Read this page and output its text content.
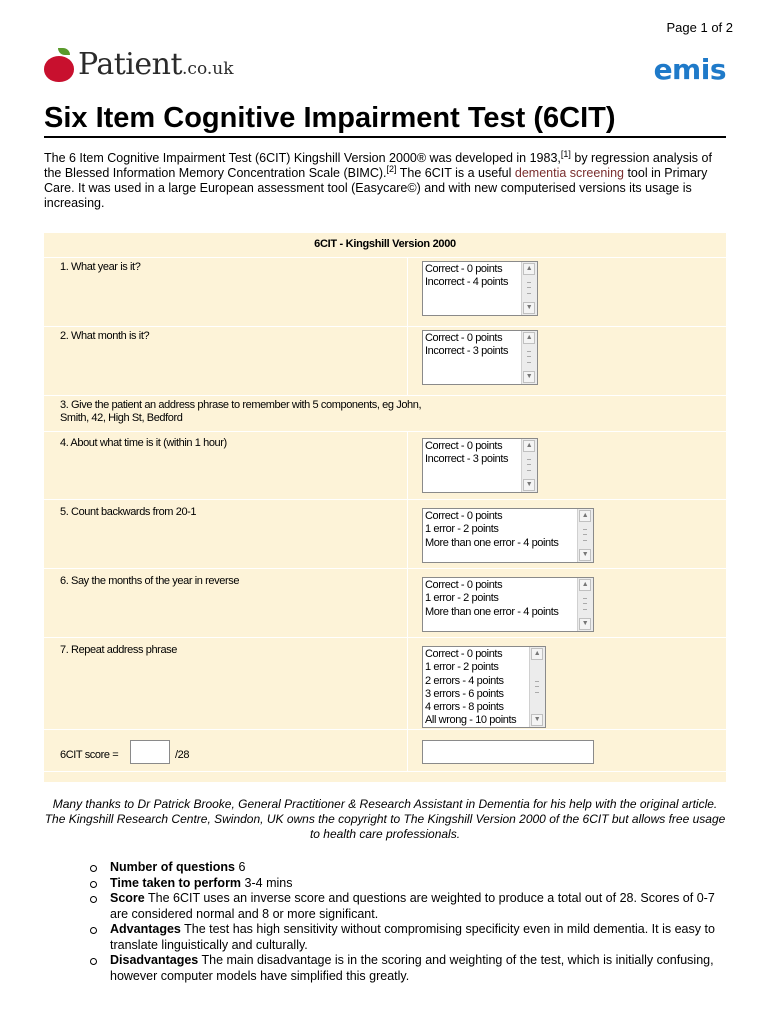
Page 1 of 2
Patient .co.uk	emis
Six Item Cognitive Impairment Test (6CIT)
The 6 Item Cognitive Impairment Test (6CIT) Kingshill Version 2000® was developed in 1983,[1] by regression analysis of the Blessed Information Memory Concentration Scale (BIMC).[2] The 6CIT is a useful dementia screening tool in Primary Care. It was used in a large European assessment tool (Easycare©) and with new computerised versions its usage is increasing.
6CIT - Kingshill Version 2000
1. What year is it?	Correct - 0 points
Incorrect - 4 points
▲
▼
2. What month is it?	Correct - 0 points
Incorrect - 3 points
▲
▼
3. Give the patient an address phrase to remember with 5 components, eg John, Smith, 42, High St, Bedford
4. About what time is it (within 1 hour)	Correct - 0 points
Incorrect - 3 points
▲
▼
5. Count backwards from 20-1	Correct - 0 points
1 error - 2 points
More than one error - 4 points
▲
▼
6. Say the months of the year in reverse	Correct - 0 points
1 error - 2 points
More than one error - 4 points
▲
▼
7. Repeat address phrase	Correct - 0 points
1 error - 2 points
2 errors - 4 points
3 errors - 6 points
4 errors - 8 points
All wrong - 10 points
▲
▼
6CIT score =	/28
Many thanks to Dr Patrick Brooke, General Practitioner & Research Assistant in Dementia for his help with the original article. The Kingshill Research Centre, Swindon, UK owns the copyright to The Kingshill Version 2000 of the 6CIT but allows free usage to health care professionals.
Number of questions 6
Time taken to perform 3-4 mins
Score The 6CIT uses an inverse score and questions are weighted to produce a total out of 28. Scores of 0-7 are considered normal and 8 or more significant.
Advantages The test has high sensitivity without compromising specificity even in mild dementia. It is easy to translate linguistically and culturally.
Disadvantages The main disadvantage is in the scoring and weighting of the test, which is initially confusing, however computer models have simplified this greatly.
